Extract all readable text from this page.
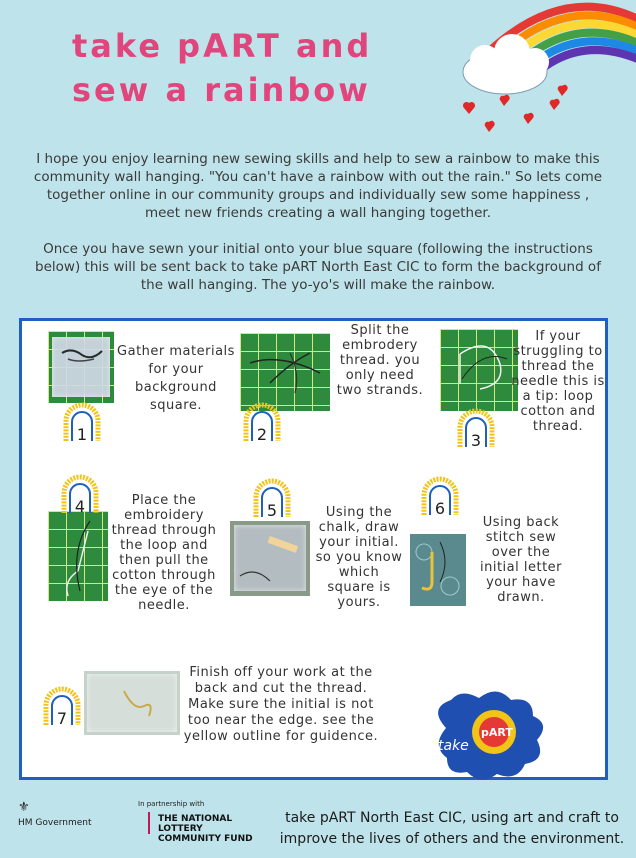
take pART and sew a rainbow

I hope you enjoy learning new sewing skills and help to sew a rainbow to make this community wall hanging. "You can't have a rainbow with out the rain." So lets come together online in our community groups and individually sew some happiness , meet new friends creating a wall hanging together.

Once you have sewn your initial onto your blue square (following the instructions below) this will be sent back to take pART North East CIC to form the background of the wall hanging. The yo-yo's will make the rainbow.

Gather materials for your background square.
Split the embrodery thread. you only need two strands.
If your struggling to thread the needle this is a tip: loop cotton and thread.
Place the embroidery thread through the loop and then pull the cotton through the eye of the needle.
Using the chalk, draw your initial. so you know which square is yours.
Using back stitch sew over the initial letter your have drawn.
Finish off your work at the back and cut the thread. Make sure the initial is not too near the edge. see the yellow outline for guidence.
1	2	3
4	5	6
7
take
pART
⚜
HM Government
In partnership with
THE NATIONAL LOTTERY
COMMUNITY FUND
take pART North East CIC, using art and craft to improve the lives of others and the environment.
